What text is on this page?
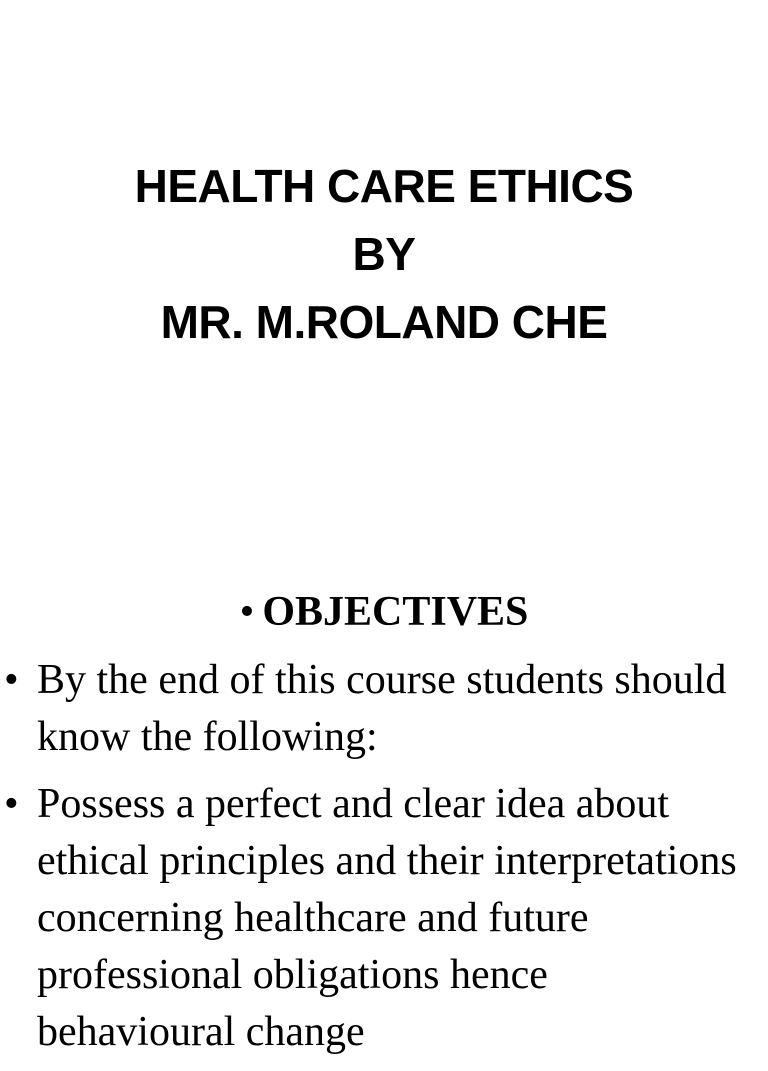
HEALTH CARE ETHICS
BY
MR. M.ROLAND CHE
• OBJECTIVES
• By the end of this course students should know the following:
• Possess a perfect and clear idea about ethical principles and their interpretations concerning healthcare and future professional obligations hence behavioural change
